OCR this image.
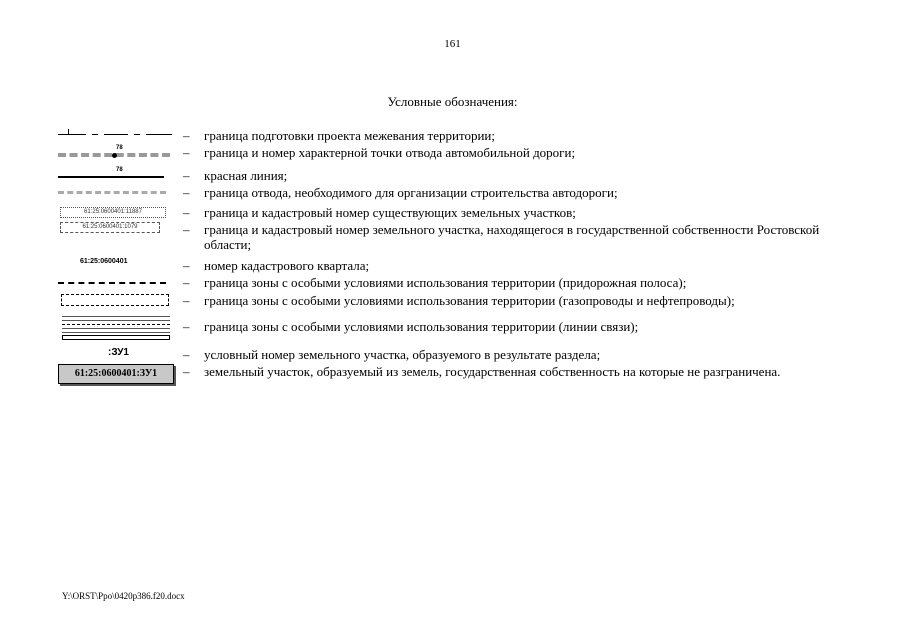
161
Условные обозначения:
– граница подготовки проекта межевания территории;
78	– граница и номер характерной точки отвода автомобильной дороги;
78	– красная линия;
– граница отвода, необходимого для организации строительства автодороги;
61:25:0600401:11887	– граница и кадастровый номер существующих земельных участков;
61:25:0600401:1079	– граница и кадастровый номер земельного участка, находящегося в государственной собственности Ростовской области;
61:25:0600401	– номер кадастрового квартала;
– граница зоны с особыми условиями использования территории (придорожная полоса);
– граница зоны с особыми условиями использования территории (газопроводы и нефтепроводы);
– граница зоны с особыми условиями использования территории (линии связи);
:ЗУ1	– условный номер земельного участка, образуемого в результате раздела;
61:25:0600401:ЗУ1	– земельный участок, образуемый из земель, государственная собственность на которые не разграничена.
Y:\ORST\Ppo\0420p386.f20.docx
